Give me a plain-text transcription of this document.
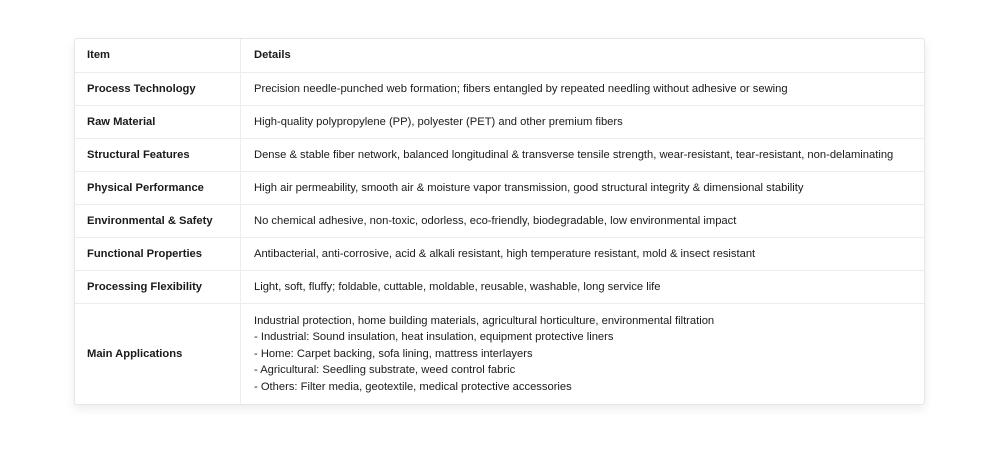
Item	Details
Process Technology	Precision needle-punched web formation; fibers entangled by repeated needling without adhesive or sewing
Raw Material	High-quality polypropylene (PP), polyester (PET) and other premium fibers
Structural Features	Dense & stable fiber network, balanced longitudinal & transverse tensile strength, wear-resistant, tear-resistant, non-delaminating
Physical Performance	High air permeability, smooth air & moisture vapor transmission, good structural integrity & dimensional stability
Environmental & Safety	No chemical adhesive, non-toxic, odorless, eco-friendly, biodegradable, low environmental impact
Functional Properties	Antibacterial, anti-corrosive, acid & alkali resistant, high temperature resistant, mold & insect resistant
Processing Flexibility	Light, soft, fluffy; foldable, cuttable, moldable, reusable, washable, long service life
Main Applications	Industrial protection, home building materials, agricultural horticulture, environmental filtration
- Industrial: Sound insulation, heat insulation, equipment protective liners
- Home: Carpet backing, sofa lining, mattress interlayers
- Agricultural: Seedling substrate, weed control fabric
- Others: Filter media, geotextile, medical protective accessories
